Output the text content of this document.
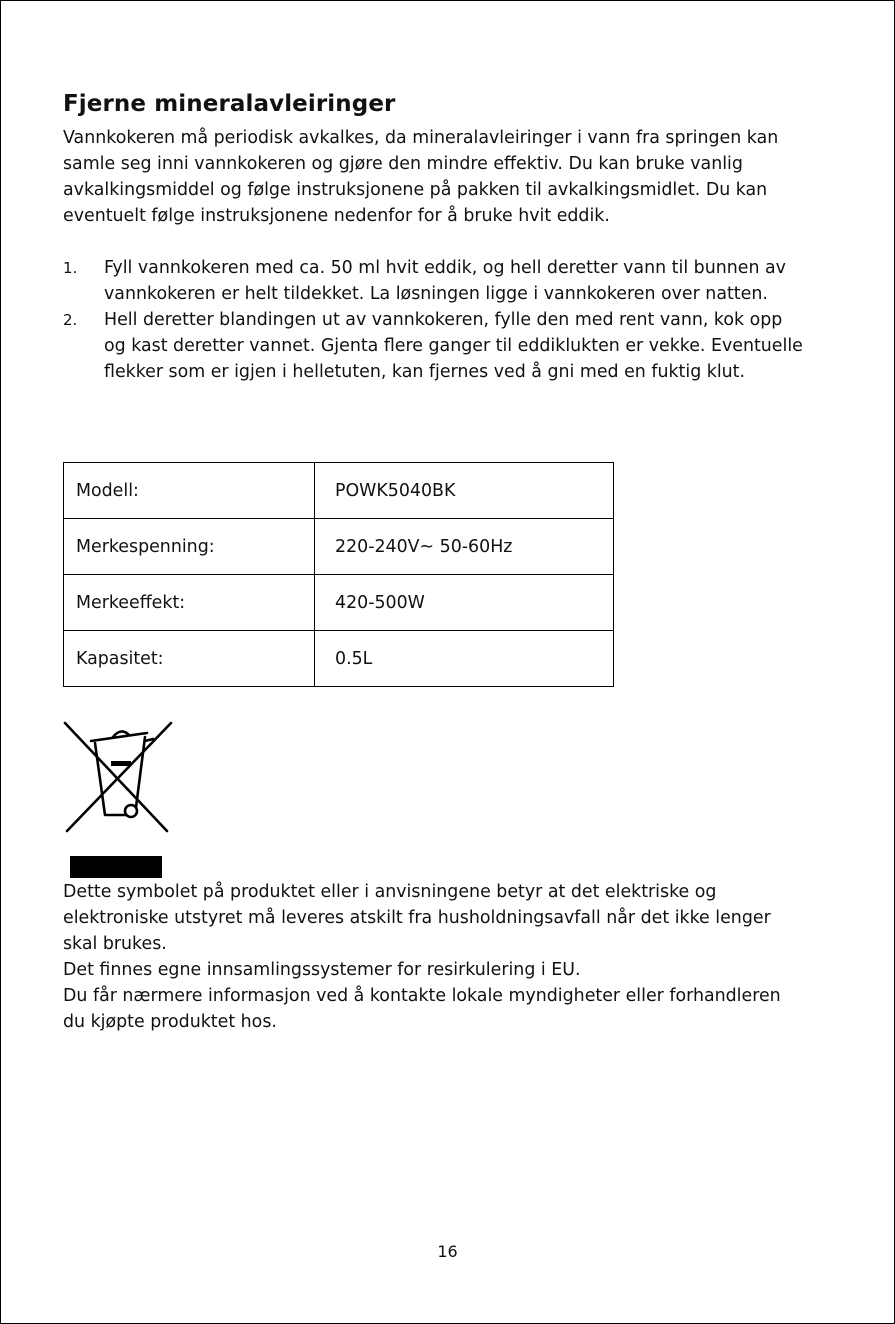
Fjerne mineralavleiringer

Vannkokeren må periodisk avkalkes, da mineralavleiringer i vann fra springen kan samle seg inni vannkokeren og gjøre den mindre effektiv. Du kan bruke vanlig avkalkingsmiddel og følge instruksjonene på pakken til avkalkingsmidlet. Du kan eventuelt følge instruksjonene nedenfor for å bruke hvit eddik.

1. Fyll vannkokeren med ca. 50 ml hvit eddik, og hell deretter vann til bunnen av vannkokeren er helt tildekket. La løsningen ligge i vannkokeren over natten.
2. Hell deretter blandingen ut av vannkokeren, fylle den med rent vann, kok opp og kast deretter vannet. Gjenta flere ganger til eddiklukten er vekke. Eventuelle flekker som er igjen i helletuten, kan fjernes ved å gni med en fuktig klut.
Modell:	POWK5040BK
Merkespenning:	220-240V~ 50-60Hz
Merkeeffekt:	420-500W
Kapasitet:	0.5L
Dette symbolet på produktet eller i anvisningene betyr at det elektriske og elektroniske utstyret må leveres atskilt fra husholdningsavfall når det ikke lenger skal brukes.
Det finnes egne innsamlingssystemer for resirkulering i EU.
Du får nærmere informasjon ved å kontakte lokale myndigheter eller forhandleren du kjøpte produktet hos.
16
